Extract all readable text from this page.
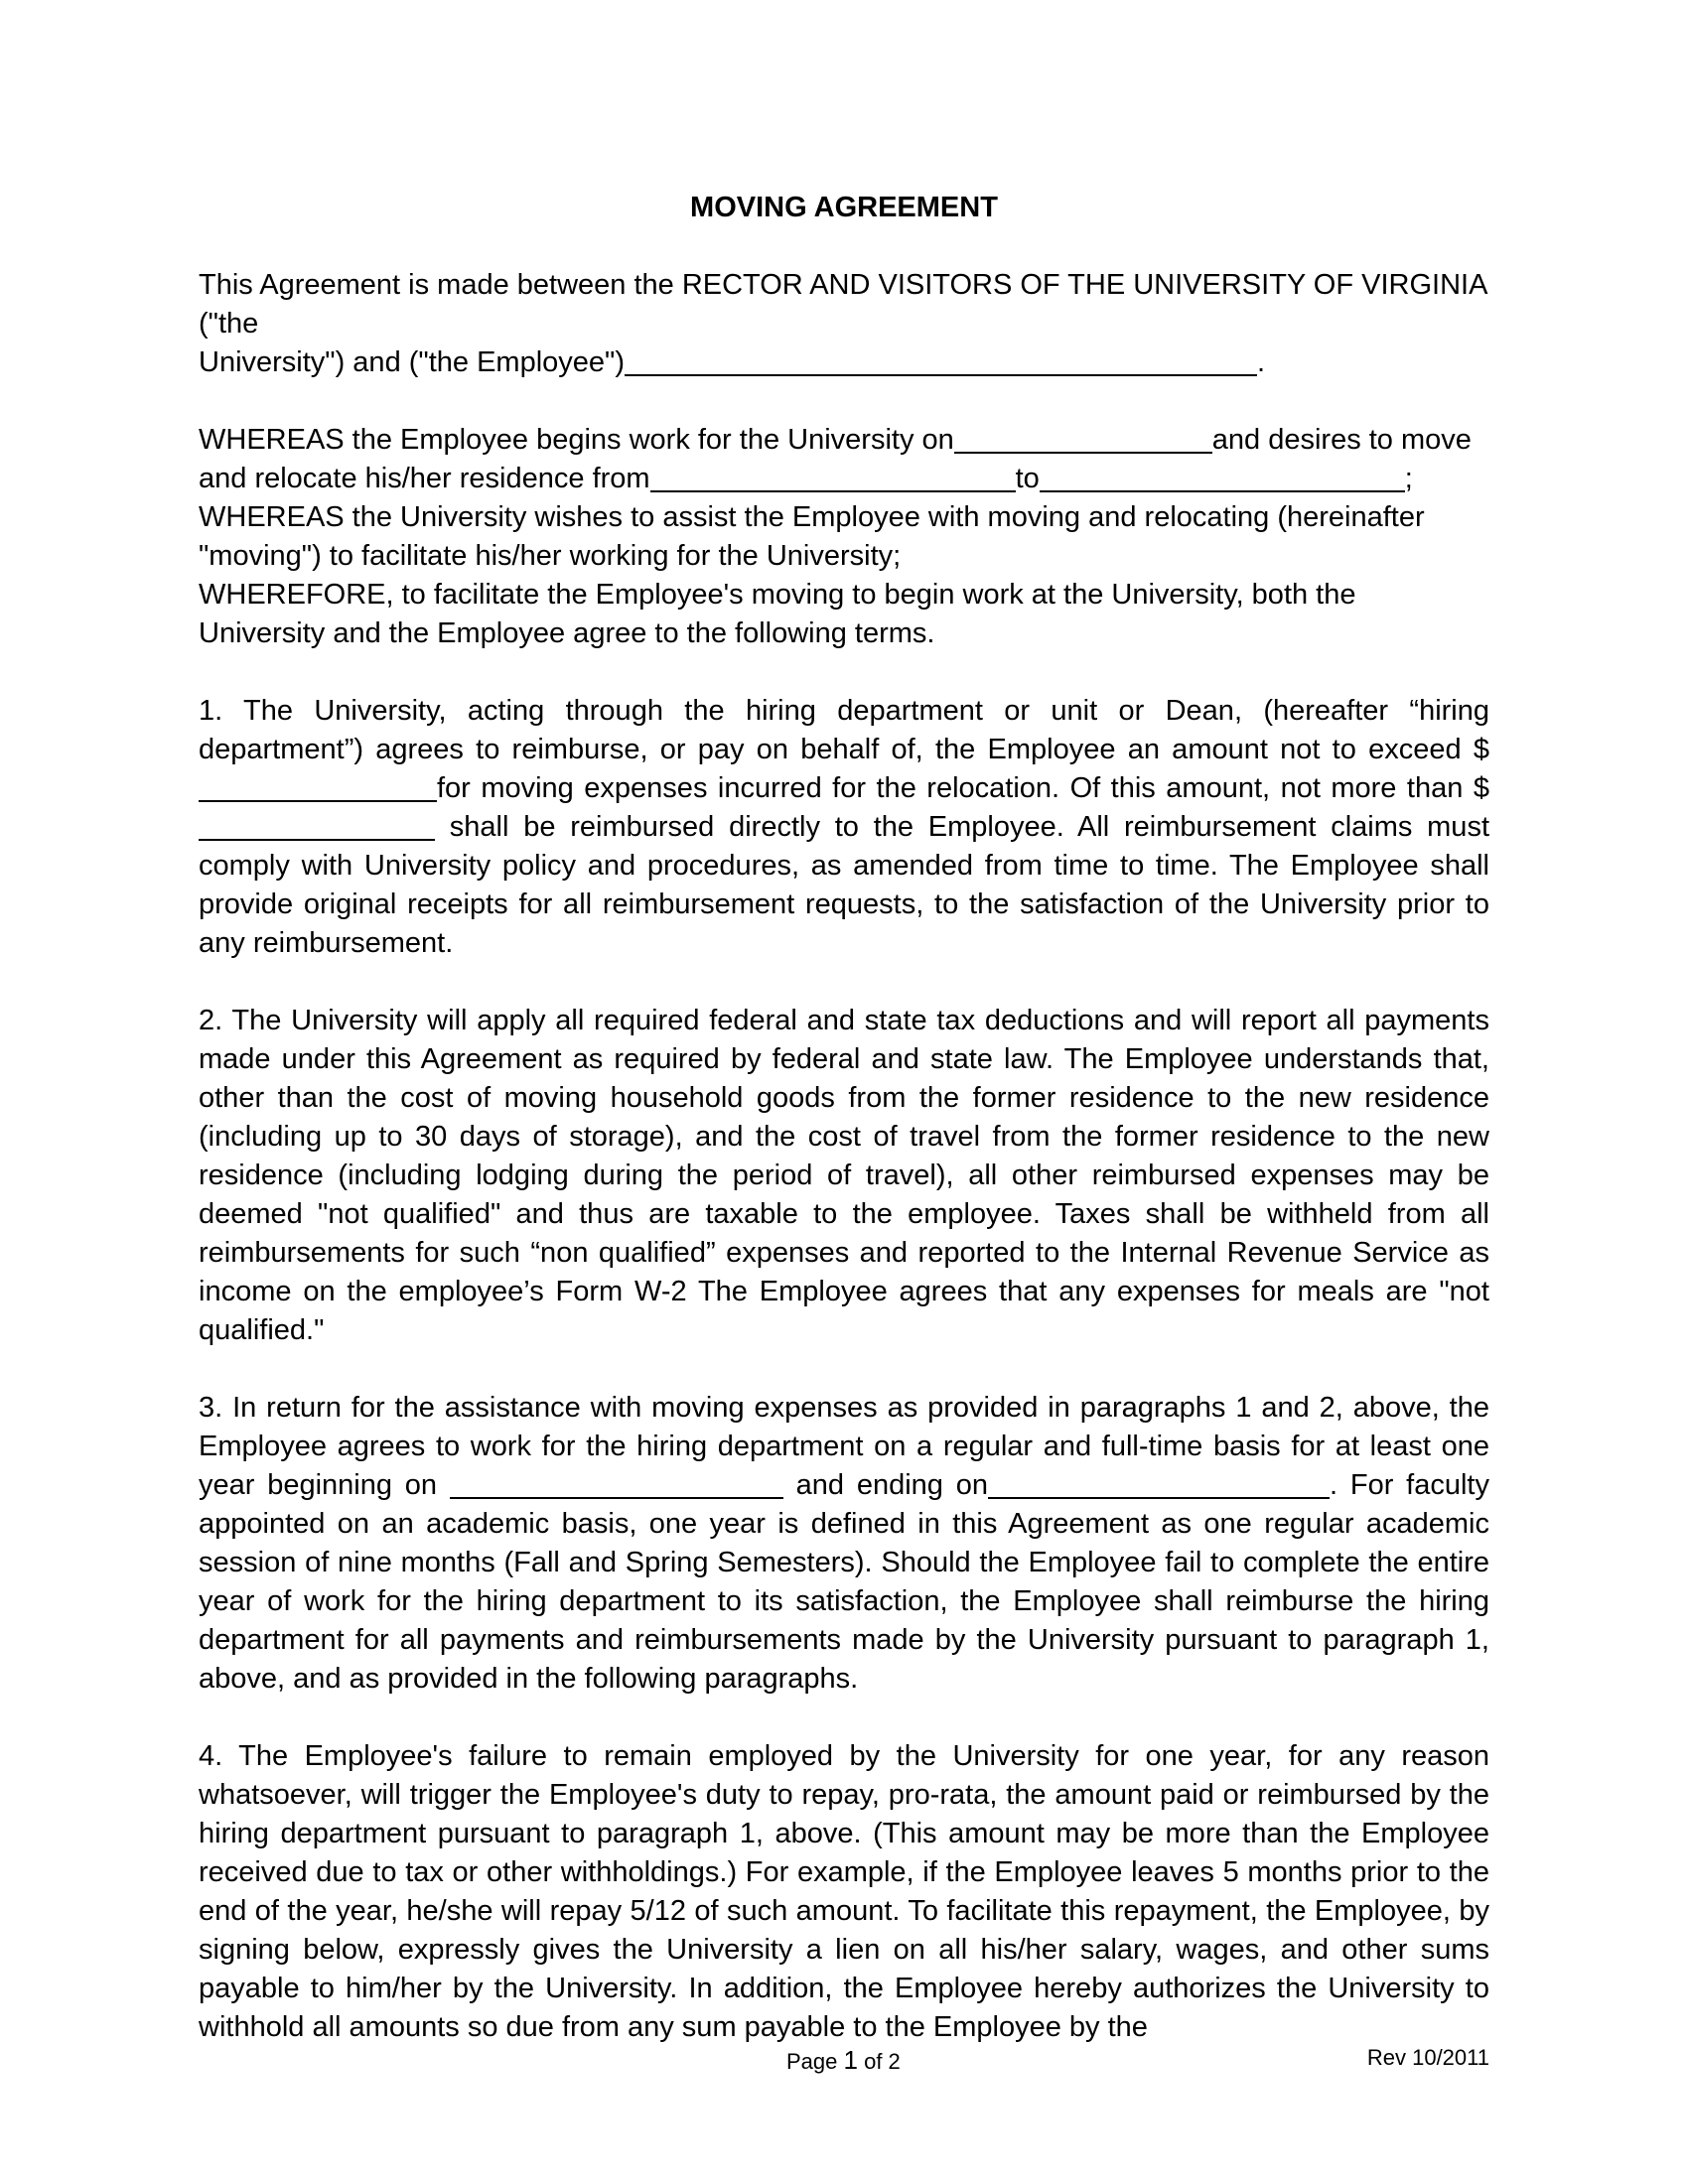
MOVING AGREEMENT

This Agreement is made between the RECTOR AND VISITORS OF THE UNIVERSITY OF VIRGINIA ("the

University") and ("the Employee")	.

WHEREAS the Employee begins work for the University on	and desires to move

and relocate his/her residence from	to	;

WHEREAS the University wishes to assist the Employee with moving and relocating (hereinafter "moving") to facilitate his/her working for the University;

WHEREFORE, to facilitate the Employee's moving to begin work at the University, both the University and the Employee agree to the following terms.

1. The University, acting through the hiring department or unit or Dean, (hereafter “hiring department”) agrees to reimburse, or pay on behalf of, the Employee an amount not to exceed $for moving expenses incurred for the relocation. Of this amount, not more than $ shall be reimbursed directly to the Employee. All reimbursement claims must comply with University policy and procedures, as amended from time to time. The Employee shall provide original receipts for all reimbursement requests, to the satisfaction of the University prior to any reimbursement.

2. The University will apply all required federal and state tax deductions and will report all payments made under this Agreement as required by federal and state law. The Employee understands that, other than the cost of moving household goods from the former residence to the new residence (including up to 30 days of storage), and the cost of travel from the former residence to the new residence (including lodging during the period of travel), all other reimbursed expenses may be deemed "not qualified" and thus are taxable to the employee. Taxes shall be withheld from all reimbursements for such “non qualified” expenses and reported to the Internal Revenue Service as income on the employee’s Form W-2 The Employee agrees that any expenses for meals are "not qualified."

3. In return for the assistance with moving expenses as provided in paragraphs 1 and 2, above, the Employee agrees to work for the hiring department on a regular and full-time basis for at least one year beginning on	and ending on	. For faculty appointed on an academic basis, one year is defined in this Agreement as one regular academic session of nine months (Fall and Spring Semesters). Should the Employee fail to complete the entire year of work for the hiring department to its satisfaction, the Employee shall reimburse the hiring department for all payments and reimbursements made by the University pursuant to paragraph 1, above, and as provided in the following paragraphs.

4. The Employee's failure to remain employed by the University for one year, for any reason whatsoever, will trigger the Employee's duty to repay, pro-rata, the amount paid or reimbursed by the hiring department pursuant to paragraph 1, above. (This amount may be more than the Employee received due to tax or other withholdings.) For example, if the Employee leaves 5 months prior to the end of the year, he/she will repay 5/12 of such amount. To facilitate this repayment, the Employee, by signing below, expressly gives the University a lien on all his/her salary, wages, and other sums payable to him/her by the University. In addition, the Employee hereby authorizes the University to withhold all amounts so due from any sum payable to the Employee by the

Page 1 of 2	Rev 10/2011
